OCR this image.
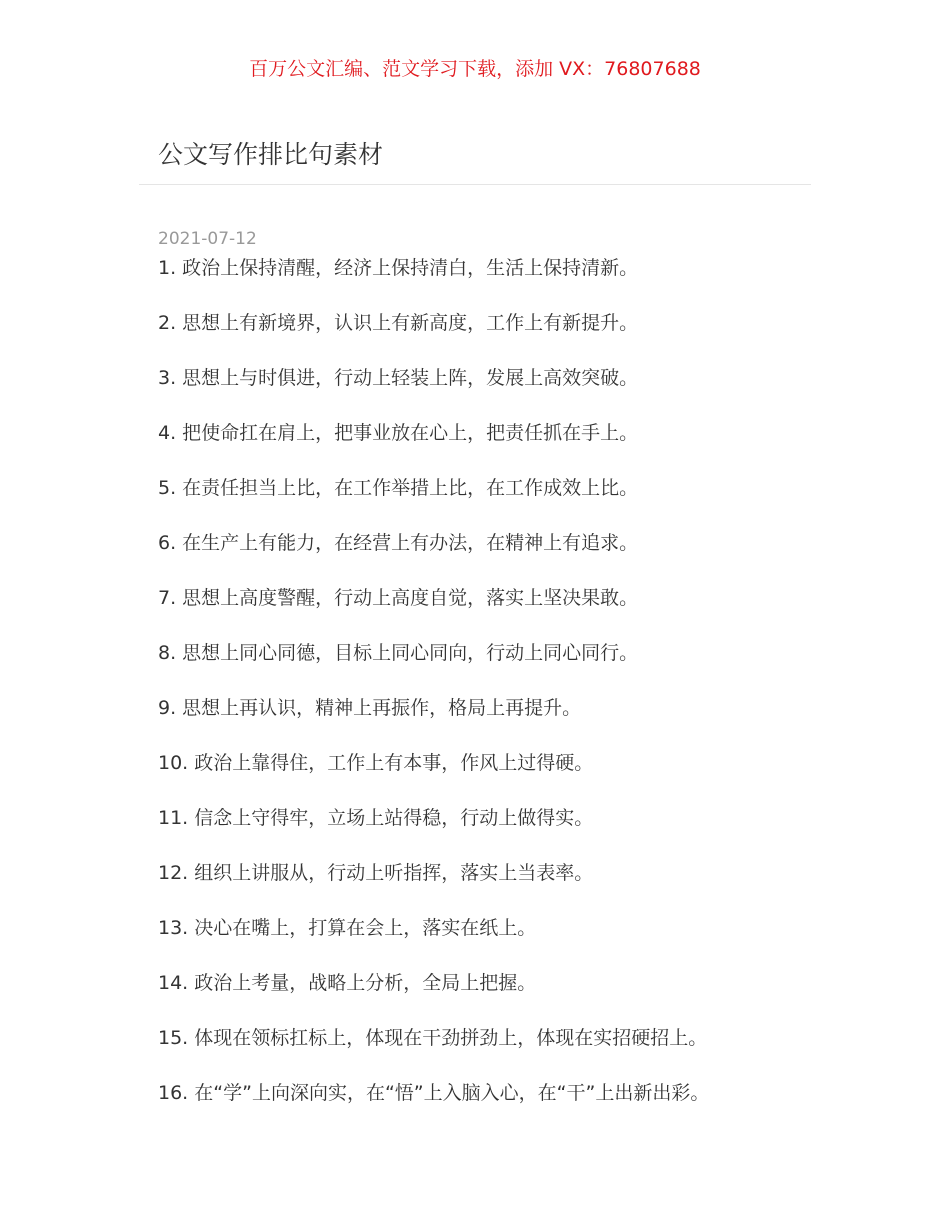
百万公文汇编、范文学习下载，添加 VX：76807688
公文写作排比句素材
2021-07-12
1. 政治上保持清醒，经济上保持清白，生活上保持清新。
2. 思想上有新境界，认识上有新高度，工作上有新提升。
3. 思想上与时俱进，行动上轻装上阵，发展上高效突破。
4. 把使命扛在肩上，把事业放在心上，把责任抓在手上。
5. 在责任担当上比，在工作举措上比，在工作成效上比。
6. 在生产上有能力，在经营上有办法，在精神上有追求。
7. 思想上高度警醒，行动上高度自觉，落实上坚决果敢。
8. 思想上同心同德，目标上同心同向，行动上同心同行。
9. 思想上再认识，精神上再振作，格局上再提升。
10. 政治上靠得住，工作上有本事，作风上过得硬。
11. 信念上守得牢，立场上站得稳，行动上做得实。
12. 组织上讲服从，行动上听指挥，落实上当表率。
13. 决心在嘴上，打算在会上，落实在纸上。
14. 政治上考量，战略上分析，全局上把握。
15. 体现在领标扛标上，体现在干劲拼劲上，体现在实招硬招上。
16. 在“学”上向深向实，在“悟”上入脑入心，在“干”上出新出彩。
